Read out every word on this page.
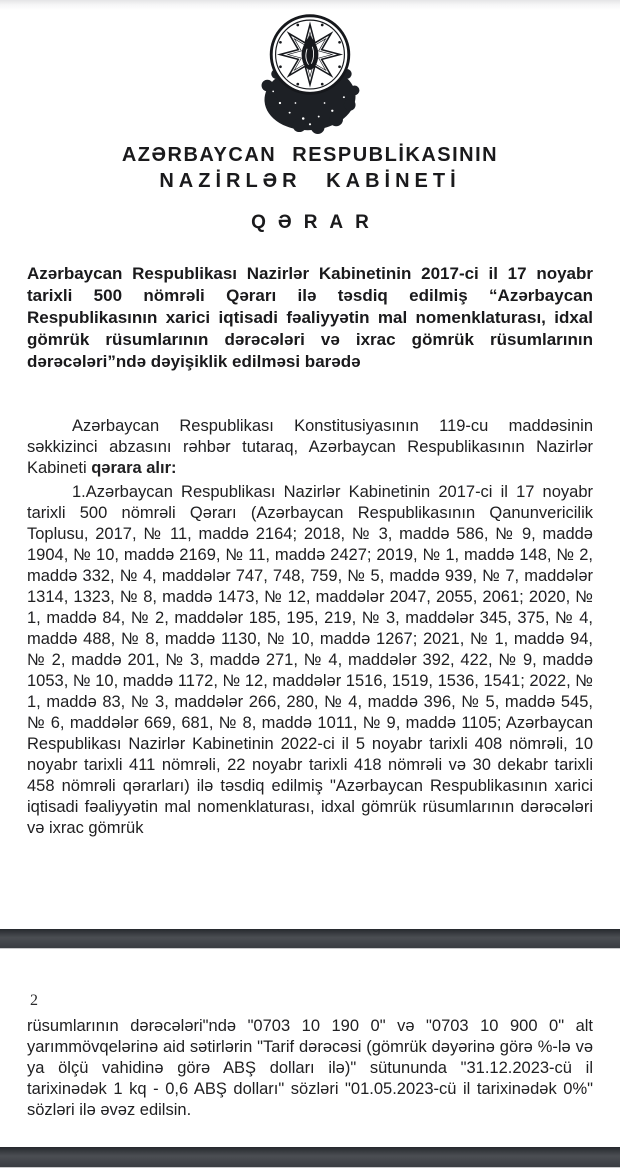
AZƏRBAYCAN RESPUBLİKASININ
NAZİRLƏR KABİNETİ
QƏRAR

Azərbaycan Respublikası Nazirlər Kabinetinin 2017-ci il 17 noyabr tarixli 500 nömrəli Qərarı ilə təsdiq edilmiş “Azərbaycan Respublikasının xarici iqtisadi fəaliyyətin mal nomenklaturası, idxal gömrük rüsumlarının dərəcələri və ixrac gömrük rüsumlarının dərəcələri”ndə dəyişiklik edilməsi barədə

Azərbaycan Respublikası Konstitusiyasının 119-cu maddəsinin səkkizinci abzasını rəhbər tutaraq, Azərbaycan Respublikasının Nazirlər Kabineti qərara alır:

1.Azərbaycan Respublikası Nazirlər Kabinetinin 2017-ci il 17 noyabr tarixli 500 nömrəli Qərarı (Azərbaycan Respublikasının Qanunvericilik Toplusu, 2017, № 11, maddə 2164; 2018, № 3, maddə 586, № 9, maddə 1904, № 10, maddə 2169, № 11, maddə 2427; 2019, № 1, maddə 148, № 2, maddə 332, № 4, maddələr 747, 748, 759, № 5, maddə 939, № 7, maddələr 1314, 1323, № 8, maddə 1473, № 12, maddələr 2047, 2055, 2061; 2020, № 1, maddə 84, № 2, maddələr 185, 195, 219, № 3, maddələr 345, 375, № 4, maddə 488, № 8, maddə 1130, № 10, maddə 1267; 2021, № 1, maddə 94, № 2, maddə 201, № 3, maddə 271, № 4, maddələr 392, 422, № 9, maddə 1053, № 10, maddə 1172, № 12, maddələr 1516, 1519, 1536, 1541; 2022, № 1, maddə 83, № 3, maddələr 266, 280, № 4, maddə 396, № 5, maddə 545, № 6, maddələr 669, 681, № 8, maddə 1011, № 9, maddə 1105; Azərbaycan Respublikası Nazirlər Kabinetinin 2022-ci il 5 noyabr tarixli 408 nömrəli, 10 noyabr tarixli 411 nömrəli, 22 noyabr tarixli 418 nömrəli və 30 dekabr tarixli 458 nömrəli qərarları) ilə təsdiq edilmiş "Azərbaycan Respublikasının xarici iqtisadi fəaliyyətin mal nomenklaturası, idxal gömrük rüsumlarının dərəcələri və ixrac gömrük

2

rüsumlarının dərəcələri"ndə "0703 10 190 0" və "0703 10 900 0" alt yarımmövqelərinə aid sətirlərin "Tarif dərəcəsi (gömrük dəyərinə görə %-lə və ya ölçü vahidinə görə ABŞ dolları ilə)" sütununda "31.12.2023-cü il tarixinədək 1 kq - 0,6 ABŞ dolları" sözləri "01.05.2023-cü il tarixinədək 0%" sözləri ilə əvəz edilsin.
